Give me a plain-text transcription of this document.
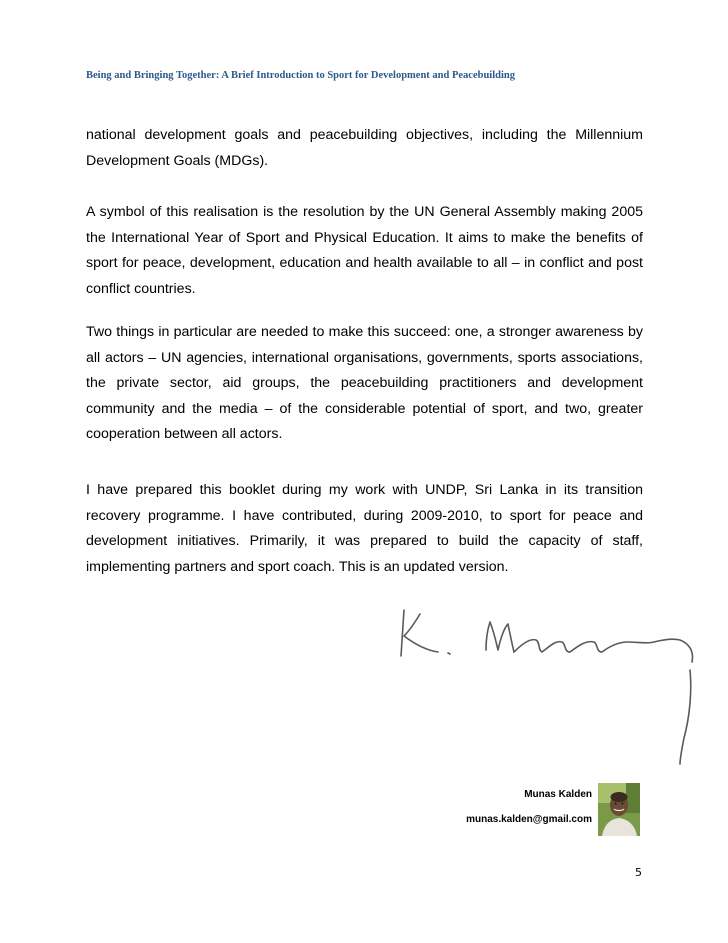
Being and Bringing Together: A Brief Introduction to Sport for Development and Peacebuilding

national development goals and peacebuilding objectives, including the Millennium Development Goals (MDGs).

A symbol of this realisation is the resolution by the UN General Assembly making 2005 the International Year of Sport and Physical Education. It aims to make the benefits of sport for peace, development, education and health available to all – in conflict and post conflict countries.

Two things in particular are needed to make this succeed: one, a stronger awareness by all actors – UN agencies, international organisations, governments, sports associations, the private sector, aid groups, the peacebuilding practitioners and development community and the media – of the considerable potential of sport, and two, greater cooperation between all actors.

I have prepared this booklet during my work with UNDP, Sri Lanka in its transition recovery programme. I have contributed, during 2009-2010, to sport for peace and development initiatives. Primarily, it was prepared to build the capacity of staff, implementing partners and sport coach. This is an updated version.

Munas Kalden

munas.kalden@gmail.com

5
